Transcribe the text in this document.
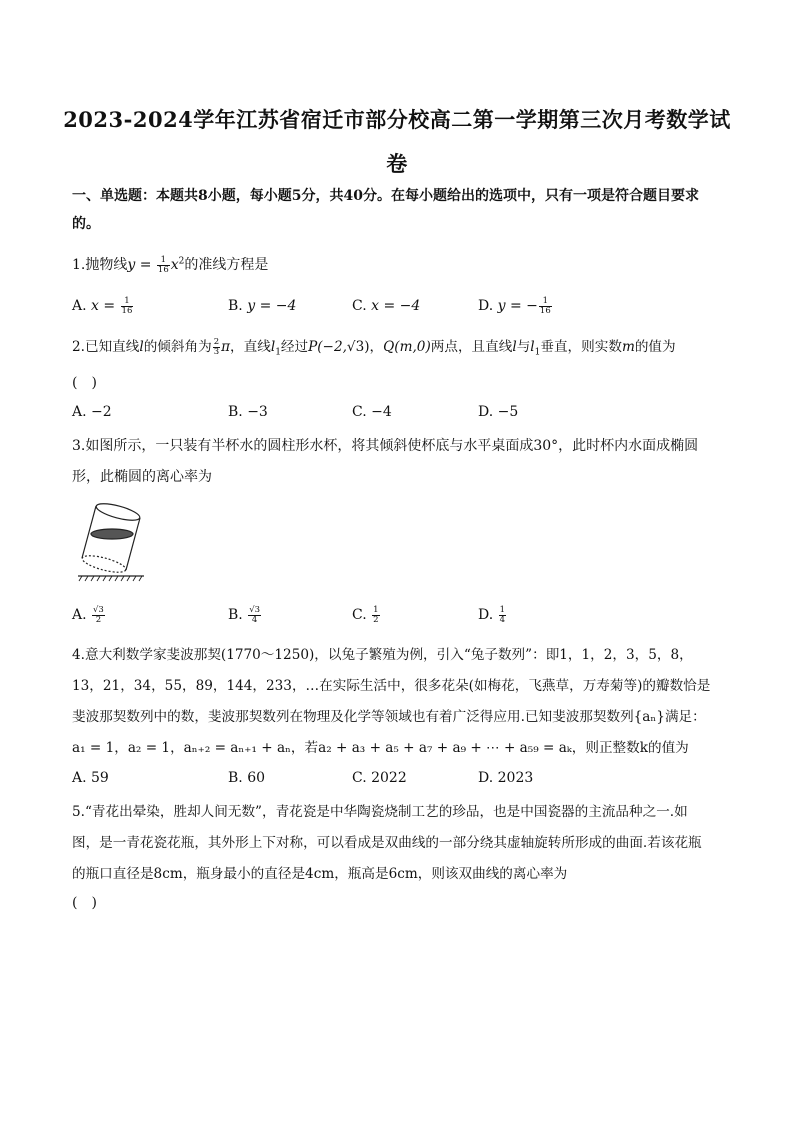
2023-2024学年江苏省宿迁市部分校高二第一学期第三次月考数学试
卷
一、单选题：本题共8小题，每小题5分，共40分。在每小题给出的选项中，只有一项是符合题目要求
的。
1.抛物线$y = \frac{1}{16} x^2$的准线方程是
A. $x = \frac{1}{16}$	B. y = −4	C. x = −4	D. y = − $\frac{1}{16}$
2.已知直线l的倾斜角为 $\frac{2}{3}$ π，直线$l_1$经过P(−2,√3)，Q(m,0)两点，且直线l与$l_1$垂直，则实数m的值为
(　)
A. −2	B. −3	C. −4	D. −5
3.如图所示，一只装有半杯水的圆柱形水杯，将其倾斜使杯底与水平桌面成30°，此时杯内水面成椭圆
形，此椭圆的离心率为
A. $\frac{√3}{2}$	B. $\frac{√3}{4}$	C. $\frac{1}{2}$	D. $\frac{1}{4}$
4.意大利数学家斐波那契(1770～1250)，以兔子繁殖为例，引入“兔子数列”：即1，1，2，3，5，8，
13，21，34，55，89，144，233，…在实际生活中，很多花朵(如梅花，飞燕草，万寿菊等)的瓣数恰是
斐波那契数列中的数，斐波那契数列在物理及化学等领域也有着广泛得应用.已知斐波那契数列{aₙ}满足：
a₁ = 1，a₂ = 1，aₙ₊₂ = aₙ₊₁ + aₙ，若a₂ + a₃ + a₅ + a₇ + a₉ + ⋯ + a₅₉ = aₖ，则正整数k的值为
A. 59	B. 60	C. 2022	D. 2023
5.“青花出晕染，胜却人间无数”，青花瓷是中华陶瓷烧制工艺的珍品，也是中国瓷器的主流品种之一.如
图，是一青花瓷花瓶，其外形上下对称，可以看成是双曲线的一部分绕其虚轴旋转所形成的曲面.若该花瓶
的瓶口直径是8cm，瓶身最小的直径是4cm，瓶高是6cm，则该双曲线的离心率为
(　)
